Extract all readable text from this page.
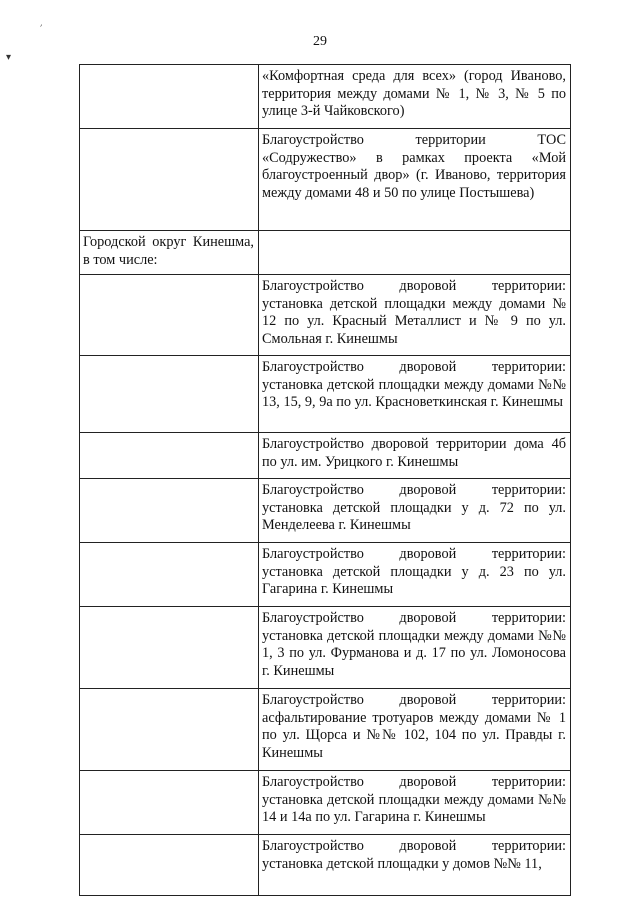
29
׳
▾
	«Комфортная среда для всех» (город Иваново, территория между домами № 1, № 3, № 5 по улице 3-й Чайковского)
	Благоустройство территории ТОС «Содружество» в рамках проекта «Мой благоустроенный двор» (г. Иваново, территория между домами 48 и 50 по улице Постышева)
Городской округ Кинешма, в том числе:	
	Благоустройство дворовой территории: установка детской площадки между домами № 12 по ул. Красный Металлист и № 9 по ул. Смольная г. Кинешмы
	Благоустройство дворовой территории: установка детской площадки между домами №№ 13, 15, 9, 9а по ул. Красноветкинская г. Кинешмы
	Благоустройство дворовой территории дома 4б по ул. им. Урицкого г. Кинешмы
	Благоустройство дворовой территории: установка детской площадки у д. 72 по ул. Менделеева г. Кинешмы
	Благоустройство дворовой территории: установка детской площадки у д. 23 по ул. Гагарина г. Кинешмы
	Благоустройство дворовой территории: установка детской площадки между домами №№ 1, 3 по ул. Фурманова и д. 17 по ул. Ломоносова г. Кинешмы
	Благоустройство дворовой территории: асфальтирование тротуаров между домами № 1 по ул. Щорса и №№ 102, 104 по ул. Правды г. Кинешмы
	Благоустройство дворовой территории: установка детской площадки между домами №№ 14 и 14а по ул. Гагарина г. Кинешмы
	Благоустройство дворовой территории: установка детской площадки у домов №№ 11,
